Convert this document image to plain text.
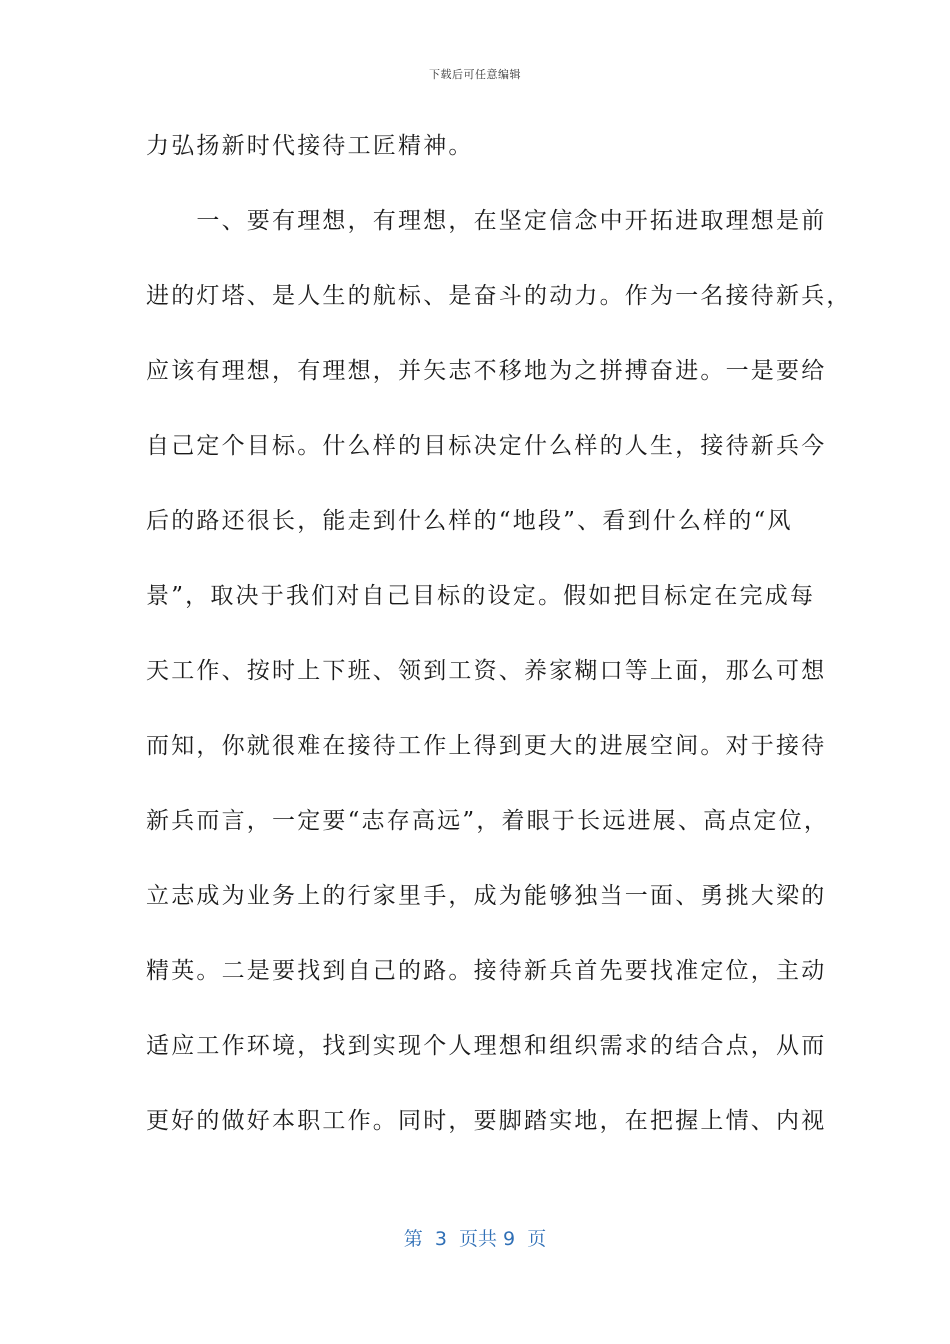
下载后可任意编辑
力弘扬新时代接待工匠精神。
　　一、要有理想，有理想，在坚定信念中开拓进取理想是前
进的灯塔、是人生的航标、是奋斗的动力。作为一名接待新兵，
应该有理想，有理想，并矢志不移地为之拼搏奋进。一是要给
自己定个目标。什么样的目标决定什么样的人生，接待新兵今
后的路还很长，能走到什么样的“地段”、看到什么样的“风
景”，取决于我们对自己目标的设定。假如把目标定在完成每
天工作、按时上下班、领到工资、养家糊口等上面，那么可想
而知，你就很难在接待工作上得到更大的进展空间。对于接待
新兵而言，一定要“志存高远”，着眼于长远进展、高点定位，
立志成为业务上的行家里手，成为能够独当一面、勇挑大梁的
精英。二是要找到自己的路。接待新兵首先要找准定位，主动
适应工作环境，找到实现个人理想和组织需求的结合点，从而
更好的做好本职工作。同时，要脚踏实地，在把握上情、内视
第  3  页共 9  页
